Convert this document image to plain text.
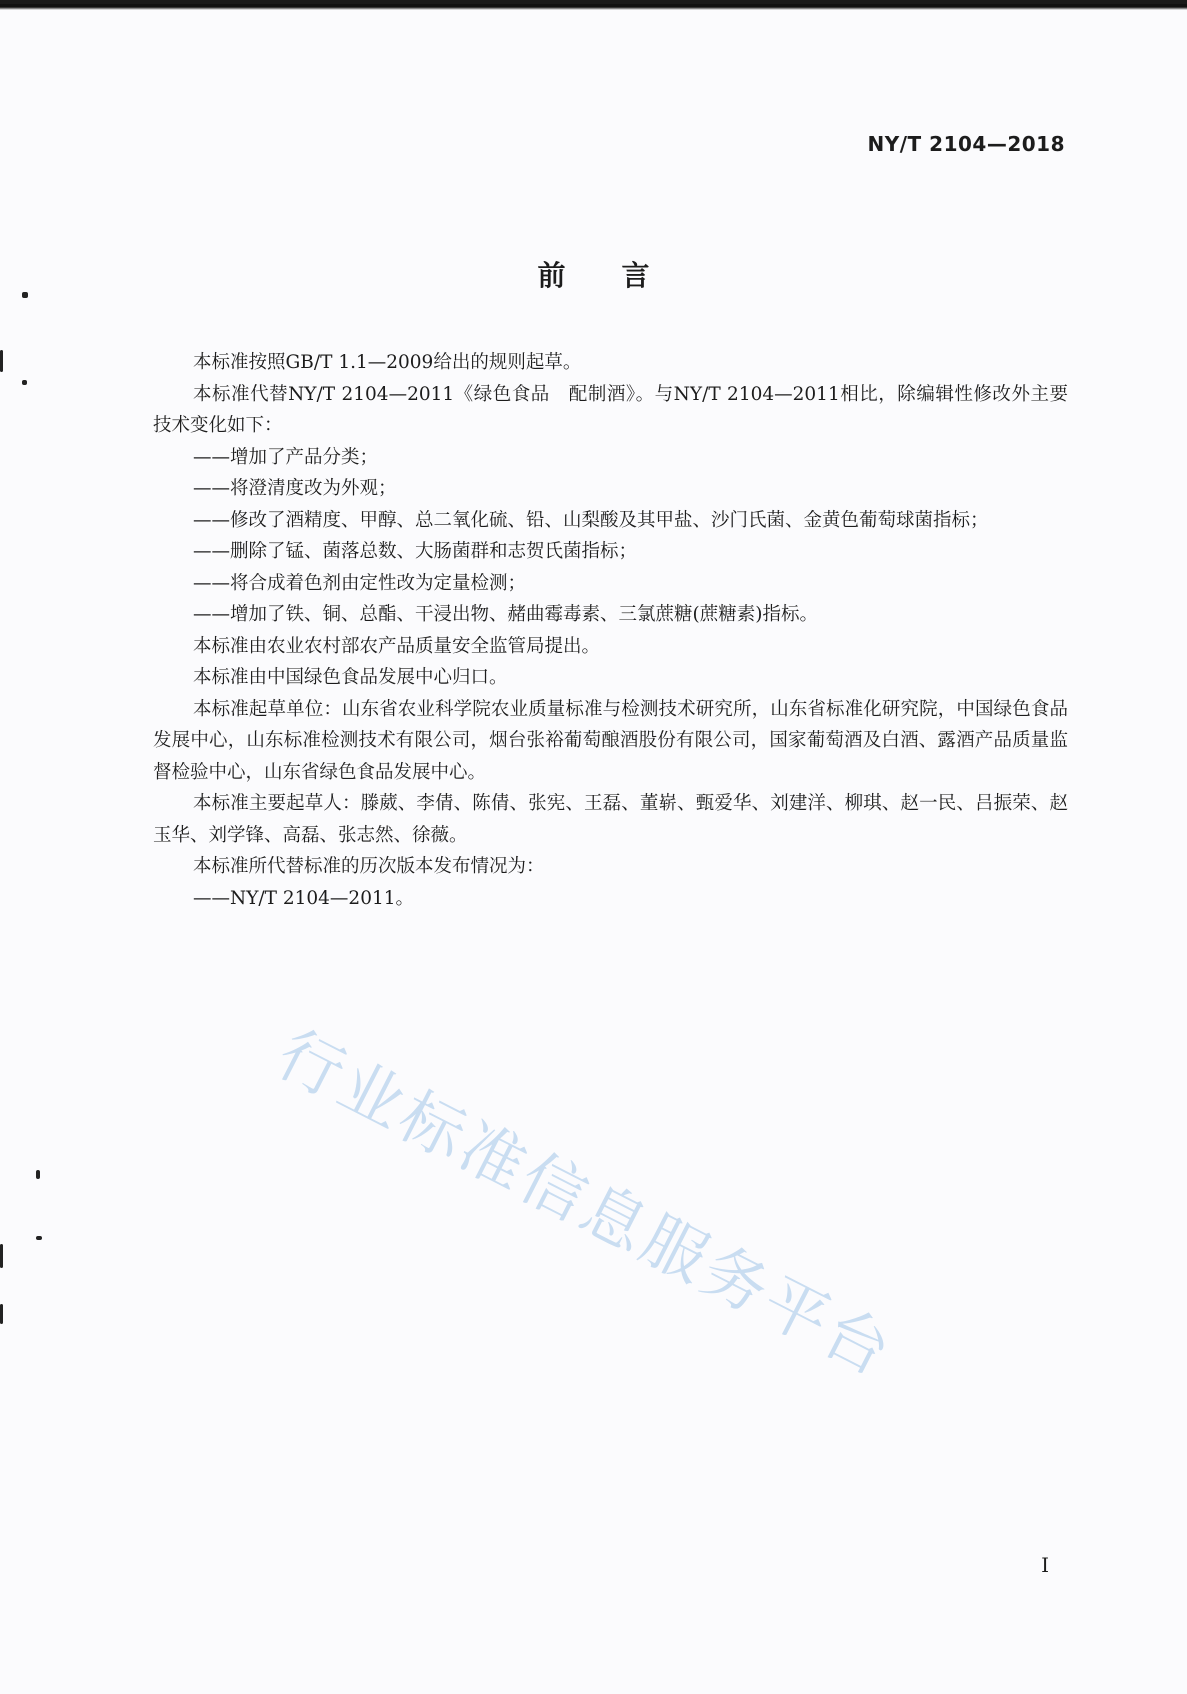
NY/T 2104—2018
前言

本标准按照GB/T 1.1—2009给出的规则起草。

本标准代替NY/T 2104—2011《绿色食品　配制酒》。与NY/T 2104—2011相比，除编辑性修改外主要技术变化如下：

——增加了产品分类；

——将澄清度改为外观；

——修改了酒精度、甲醇、总二氧化硫、铅、山梨酸及其甲盐、沙门氏菌、金黄色葡萄球菌指标；

——删除了锰、菌落总数、大肠菌群和志贺氏菌指标；

——将合成着色剂由定性改为定量检测；

——增加了铁、铜、总酯、干浸出物、赭曲霉毒素、三氯蔗糖(蔗糖素)指标。

本标准由农业农村部农产品质量安全监管局提出。

本标准由中国绿色食品发展中心归口。

本标准起草单位：山东省农业科学院农业质量标准与检测技术研究所，山东省标准化研究院，中国绿色食品发展中心，山东标准检测技术有限公司，烟台张裕葡萄酿酒股份有限公司，国家葡萄酒及白酒、露酒产品质量监督检验中心，山东省绿色食品发展中心。

本标准主要起草人：滕葳、李倩、陈倩、张宪、王磊、董崭、甄爱华、刘建洋、柳琪、赵一民、吕振荣、赵玉华、刘学锋、高磊、张志然、徐薇。

本标准所代替标准的历次版本发布情况为：

——NY/T 2104—2011。

行业标准信息服务平台
I
